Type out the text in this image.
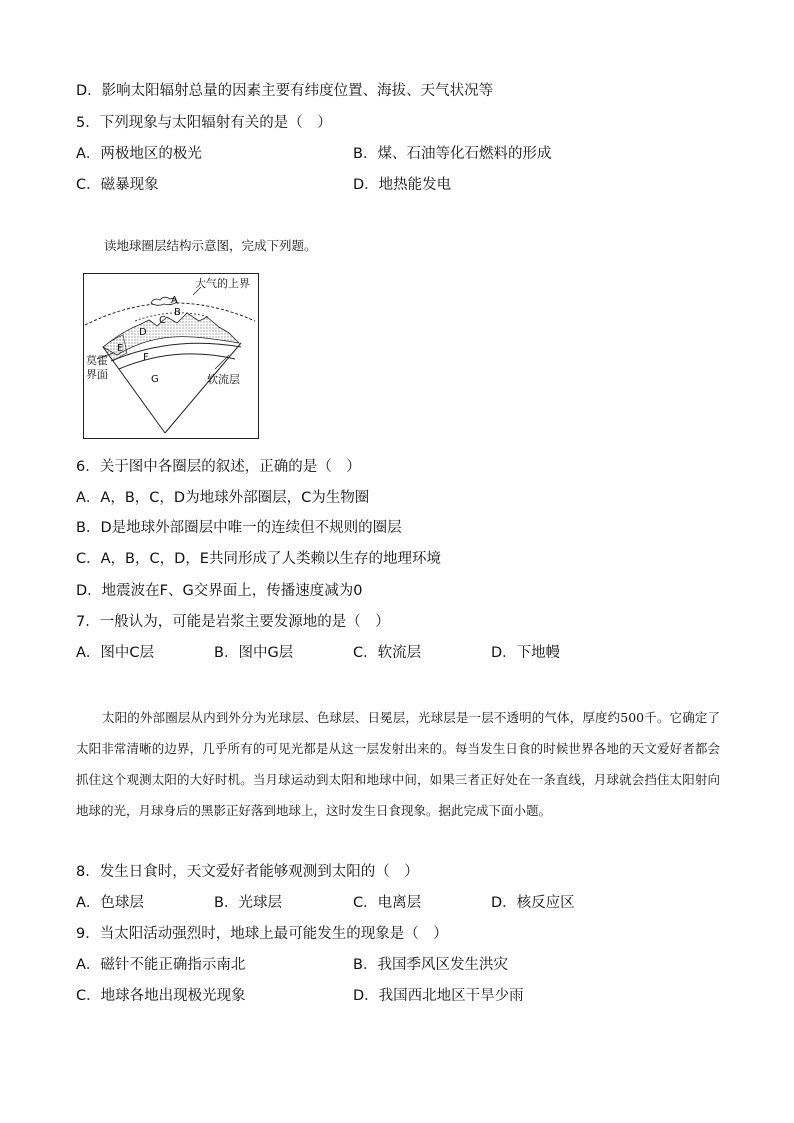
D．影响太阳辐射总量的因素主要有纬度位置、海拔、天气状况等
5．下列现象与太阳辐射有关的是（　）
A．两极地区的极光	B．煤、石油等化石燃料的形成
C．磁暴现象	D．地热能发电
读地球圈层结构示意图，完成下列题。
大气的上界
A
B
C
D
E
F
G
莫霍
界面	软流层
6．关于图中各圈层的叙述，正确的是（　）
A．A，B，C，D为地球外部圈层，C为生物圈
B．D是地球外部圈层中唯一的连续但不规则的圈层
C．A，B，C，D，E共同形成了人类赖以生存的地理环境
D．地震波在F、G交界面上，传播速度减为0
7．一般认为，可能是岩浆主要发源地的是（　）
A．图中C层	B．图中G层	C．软流层	D．下地幔
太阳的外部圈层从内到外分为光球层、色球层、日冕层，光球层是一层不透明的气体，厚度约500千。它确定了太阳非常清晰的边界，几乎所有的可见光都是从这一层发射出来的。每当发生日食的时候世界各地的天文爱好者都会抓住这个观测太阳的大好时机。当月球运动到太阳和地球中间，如果三者正好处在一条直线，月球就会挡住太阳射向地球的光，月球身后的黑影正好落到地球上，这时发生日食现象。据此完成下面小题。
8．发生日食时，天文爱好者能够观测到太阳的（　）
A．色球层	B．光球层	C．电离层	D．核反应区
9．当太阳活动强烈时，地球上最可能发生的现象是（　）
A．磁针不能正确指示南北	B．我国季风区发生洪灾
C．地球各地出现极光现象	D．我国西北地区干旱少雨
